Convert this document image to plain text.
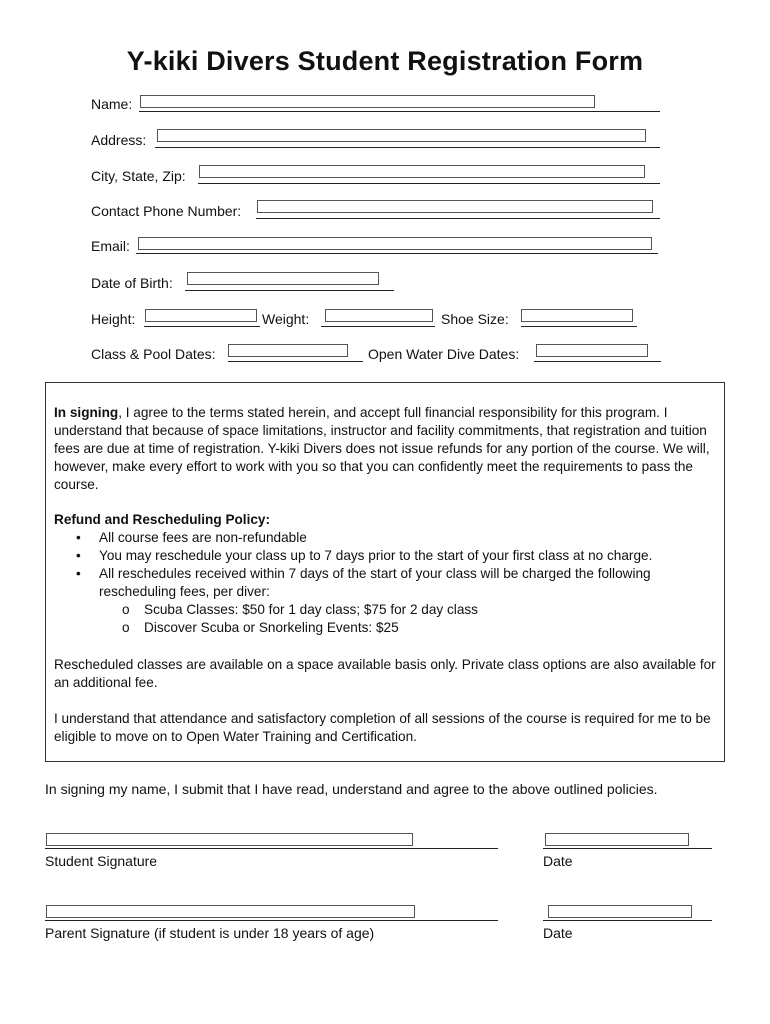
Y-kiki Divers Student Registration Form
Name:
Address:
City, State, Zip:
Contact Phone Number:
Email:
Date of Birth:
Height:	Weight:	Shoe Size:
Class & Pool Dates:	Open Water Dive Dates:

In signing, I agree to the terms stated herein, and accept full financial responsibility for this program. I understand that because of space limitations, instructor and facility commitments, that registration and tuition fees are due at time of registration. Y-kiki Divers does not issue refunds for any portion of the course. We will, however, make every effort to work with you so that you can confidently meet the requirements to pass the course.

Refund and Rescheduling Policy:

• All course fees are non-refundable
• You may reschedule your class up to 7 days prior to the start of your first class at no charge.
• All reschedules received within 7 days of the start of your class will be charged the following rescheduling fees, per diver:
o Scuba Classes: $50 for 1 day class; $75 for 2 day class
o Discover Scuba or Snorkeling Events: $25

Rescheduled classes are available on a space available basis only. Private class options are also available for an additional fee.

I understand that attendance and satisfactory completion of all sessions of the course is required for me to be eligible to move on to Open Water Training and Certification.

In signing my name, I submit that I have read, understand and agree to the above outlined policies.
Student Signature	Date
Parent Signature (if student is under 18 years of age)	Date
